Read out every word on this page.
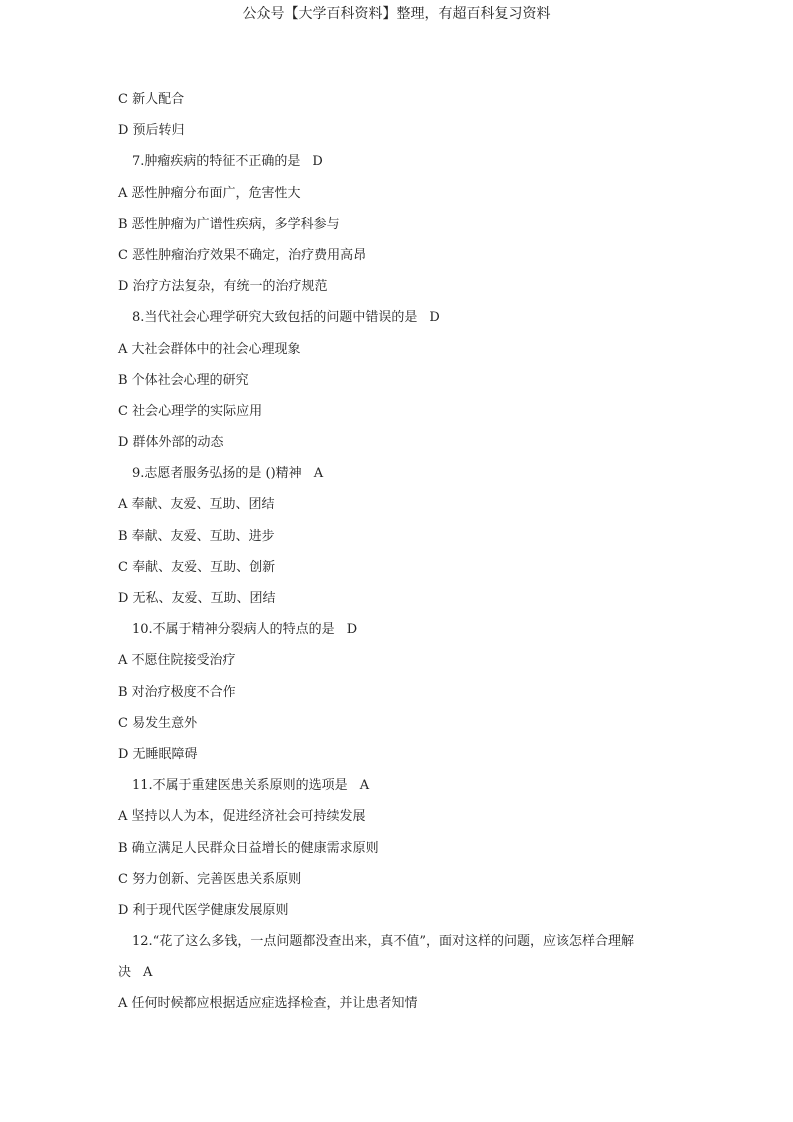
公众号【大学百科资料】整理，有超百科复习资料
C 新人配合
D 预后转归
7.肿瘤疾病的特征不正确的是 D
A 恶性肿瘤分布面广，危害性大
B 恶性肿瘤为广谱性疾病，多学科参与
C 恶性肿瘤治疗效果不确定，治疗费用高昂
D 治疗方法复杂，有统一的治疗规范
8.当代社会心理学研究大致包括的问题中错误的是 D
A 大社会群体中的社会心理现象
B 个体社会心理的研究
C 社会心理学的实际应用
D 群体外部的动态
9.志愿者服务弘扬的是 ()精神 A
A 奉献、友爱、互助、团结
B 奉献、友爱、互助、进步
C 奉献、友爱、互助、创新
D 无私、友爱、互助、团结
10.不属于精神分裂病人的特点的是 D
A 不愿住院接受治疗
B 对治疗极度不合作
C 易发生意外
D 无睡眠障碍
11.不属于重建医患关系原则的选项是 A
A 坚持以人为本，促进经济社会可持续发展
B 确立满足人民群众日益增长的健康需求原则
C 努力创新、完善医患关系原则
D 利于现代医学健康发展原则
12.“花了这么多钱，一点问题都没查出来，真不值”，面对这样的问题，应该怎样合理解
决 A
A 任何时候都应根据适应症选择检查，并让患者知情
